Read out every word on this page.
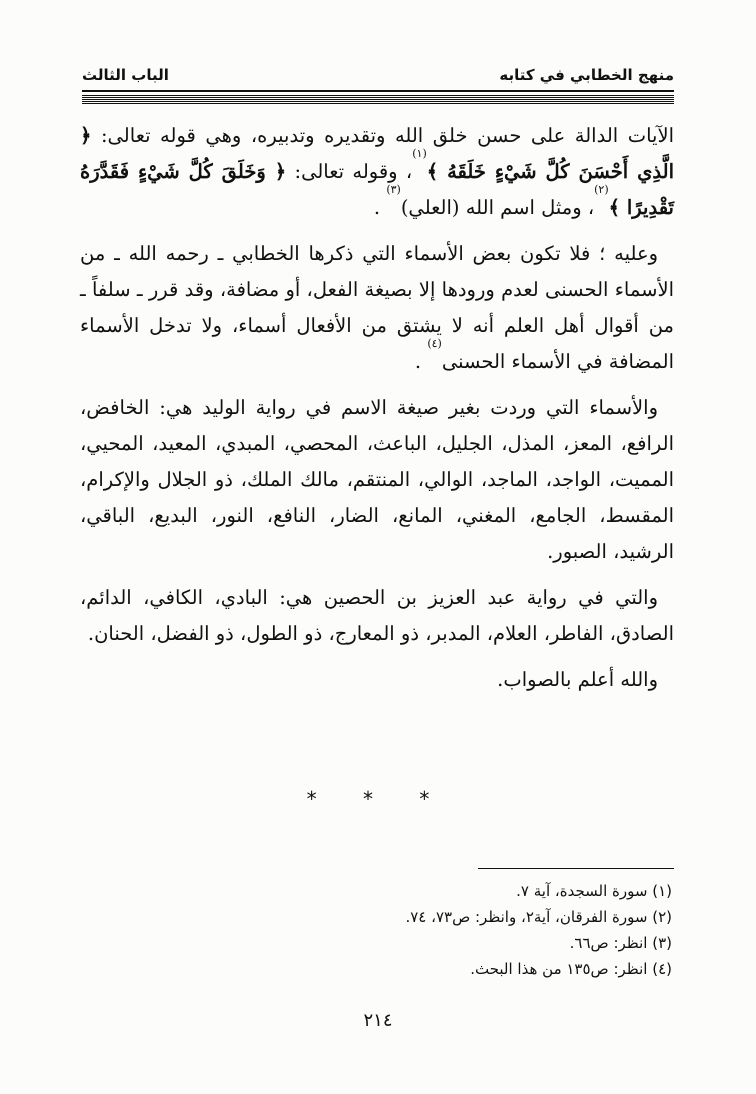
منهج الخطابي في كتابه
الباب الثالث

الآيات الدالة على حسن خلق الله وتقديره وتدبيره، وهي قوله تعالى: ﴿ الَّذِي أَحْسَنَ كُلَّ شَيْءٍ خَلَقَهُ ﴾$^{(١)}$، وقوله تعالى: ﴿ وَخَلَقَ كُلَّ شَيْءٍ فَقَدَّرَهُ تَقْدِيرًا ﴾$^{(٢)}$، ومثل اسم الله (العلي)$^{(٣)}$ .

وعليه ؛ فلا تكون بعض الأسماء التي ذكرها الخطابي ـ رحمه الله ـ من الأسماء الحسنى لعدم ورودها إلا بصيغة الفعل، أو مضافة، وقد قرر ـ سلفاً ـ من أقوال أهل العلم أنه لا يشتق من الأفعال أسماء، ولا تدخل الأسماء المضافة في الأسماء الحسنى$^{(٤)}$ .

والأسماء التي وردت بغير صيغة الاسم في رواية الوليد هي: الخافض، الرافع، المعز، المذل، الجليل، الباعث، المحصي، المبدي، المعيد، المحيي، المميت، الواجد، الماجد، الوالي، المنتقم، مالك الملك، ذو الجلال والإكرام، المقسط، الجامع، المغني، المانع، الضار، النافع، النور، البديع، الباقي، الرشيد، الصبور.

والتي في رواية عبد العزيز بن الحصين هي: البادي، الكافي، الدائم، الصادق، الفاطر، العلام، المدبر، ذو المعارج، ذو الطول، ذو الفضل، الحنان.

والله أعلم بالصواب.

* * *
(١) سورة السجدة، آية ٧.
(٢) سورة الفرقان، آية٢، وانظر: ص٧٣، ٧٤.
(٣) انظر: ص٦٦.
(٤) انظر: ص١٣٥ من هذا البحث.
٢١٤
